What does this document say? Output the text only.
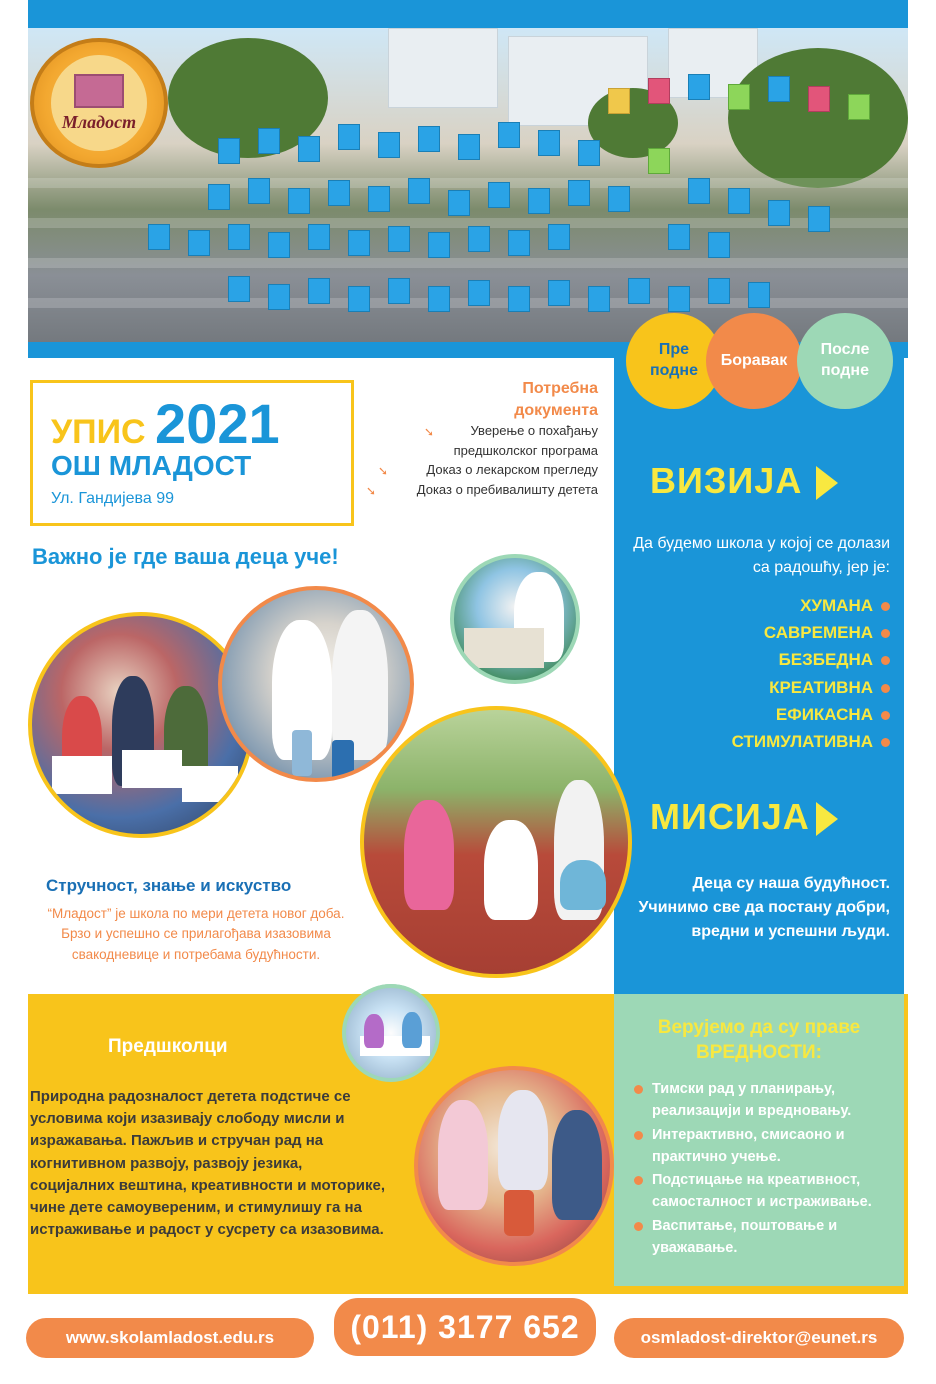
Младост
Пре подне
Боравак
После подне
УПИС 2021
ОШ МЛАДОСТ
Ул. Гандијева 99
Потребна документа
➘	Уверење о похађању предшколског програма
➘	Доказ о лекарском прегледу
➘	Доказ о пребивалишту детета ВИЗИЈА
Да будемо школа у којој се долази са радошћу, јер је:
ХУМАНА
САВРЕМЕНА
БЕЗБЕДНА
КРЕАТИВНА
ЕФИКАСНА
СТИМУЛАТИВНА
МИСИЈА
Деца су наша будућност. Учинимо све да постану добри, вредни и успешни људи.
Важно је где ваша деца уче!
Стручност, знање и искуство
“Младост” је школа по мери детета новог доба. Брзо и успешно се прилагођава изазовима свакодневице и потребама будућности.
Предшколци
Природна радозналост детета подстиче се условима који изазивају слободу мисли и изражавања. Пажљив и стручан рад на когнитивном развоју, развоју језика, социјалних вештина, креативности и моторике, чине дете самоувереним, и стимулишу га на истраживање и радост у сусрету са изазовима.
Верујемо да су праве ВРЕДНОСТИ:
Тимски рад у планирању, реализацији и вредновању.
Интерактивно, смисаоно и практично учење.
Подстицање на креативност, самосталност и истраживање.
Васпитање, поштовање и уважавање.
www.skolamladost.edu.rs	(011) 3177 652	osmladost-direktor@eunet.rs
